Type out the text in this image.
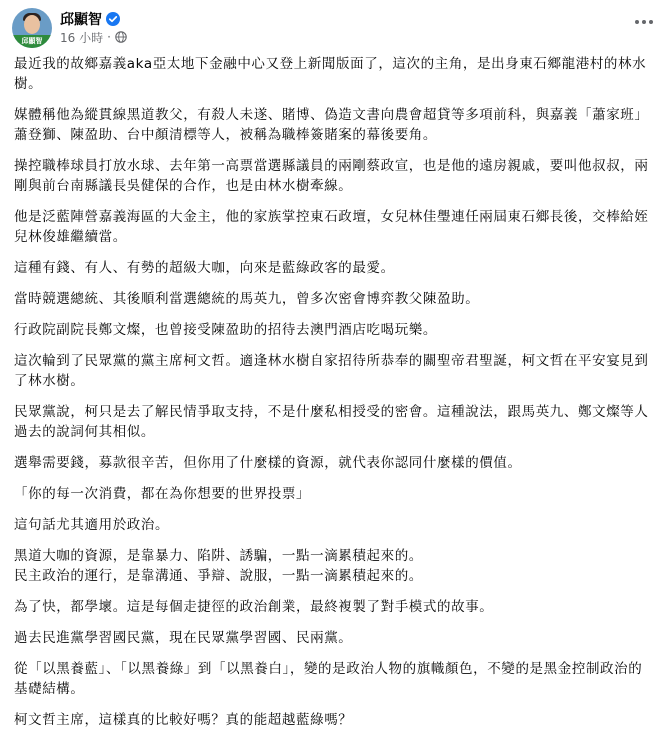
邱顯智
邱顯智
16 小時 ·

最近我的故鄉嘉義aka亞太地下金融中心又登上新聞版面了，這次的主角，是出身東石鄉龍港村的林水樹。

媒體稱他為縱貫線黑道教父，有殺人未遂、賭博、偽造文書向農會超貸等多項前科，與嘉義「蕭家班」蕭登獅、陳盈助、台中顏清標等人，被稱為職棒簽賭案的幕後要角。

操控職棒球員打放水球、去年第一高票當選縣議員的兩剛蔡政宣，也是他的遠房親戚，要叫他叔叔，兩剛與前台南縣議長吳健保的合作，也是由林水樹牽線。

他是泛藍陣營嘉義海區的大金主，他的家族掌控東石政壇，女兒林佳璺連任兩屆東石鄉長後，交棒給姪兒林俊雄繼續當。

這種有錢、有人、有勢的超級大咖，向來是藍綠政客的最愛。

當時競選總統、其後順利當選總統的馬英九，曾多次密會博弈教父陳盈助。

行政院副院長鄭文燦，也曾接受陳盈助的招待去澳門酒店吃喝玩樂。

這次輪到了民眾黨的黨主席柯文哲。適逢林水樹自家招待所恭奉的關聖帝君聖誕，柯文哲在平安宴見到了林水樹。

民眾黨說，柯只是去了解民情爭取支持，不是什麼私相授受的密會。這種說法，跟馬英九、鄭文燦等人過去的說詞何其相似。

選舉需要錢，募款很辛苦，但你用了什麼樣的資源，就代表你認同什麼樣的價值。

「你的每一次消費，都在為你想要的世界投票」

這句話尤其適用於政治。

黑道大咖的資源，是靠暴力、陷阱、誘騙，一點一滴累積起來的。
民主政治的運行，是靠溝通、爭辯、說服，一點一滴累積起來的。

為了快，都學壞。這是每個走捷徑的政治創業，最終複製了對手模式的故事。

過去民進黨學習國民黨，現在民眾黨學習國、民兩黨。

從「以黑養藍」、「以黑養綠」到「以黑養白」，變的是政治人物的旗幟顏色，不變的是黑金控制政治的基礎結構。

柯文哲主席，這樣真的比較好嗎？真的能超越藍綠嗎？
